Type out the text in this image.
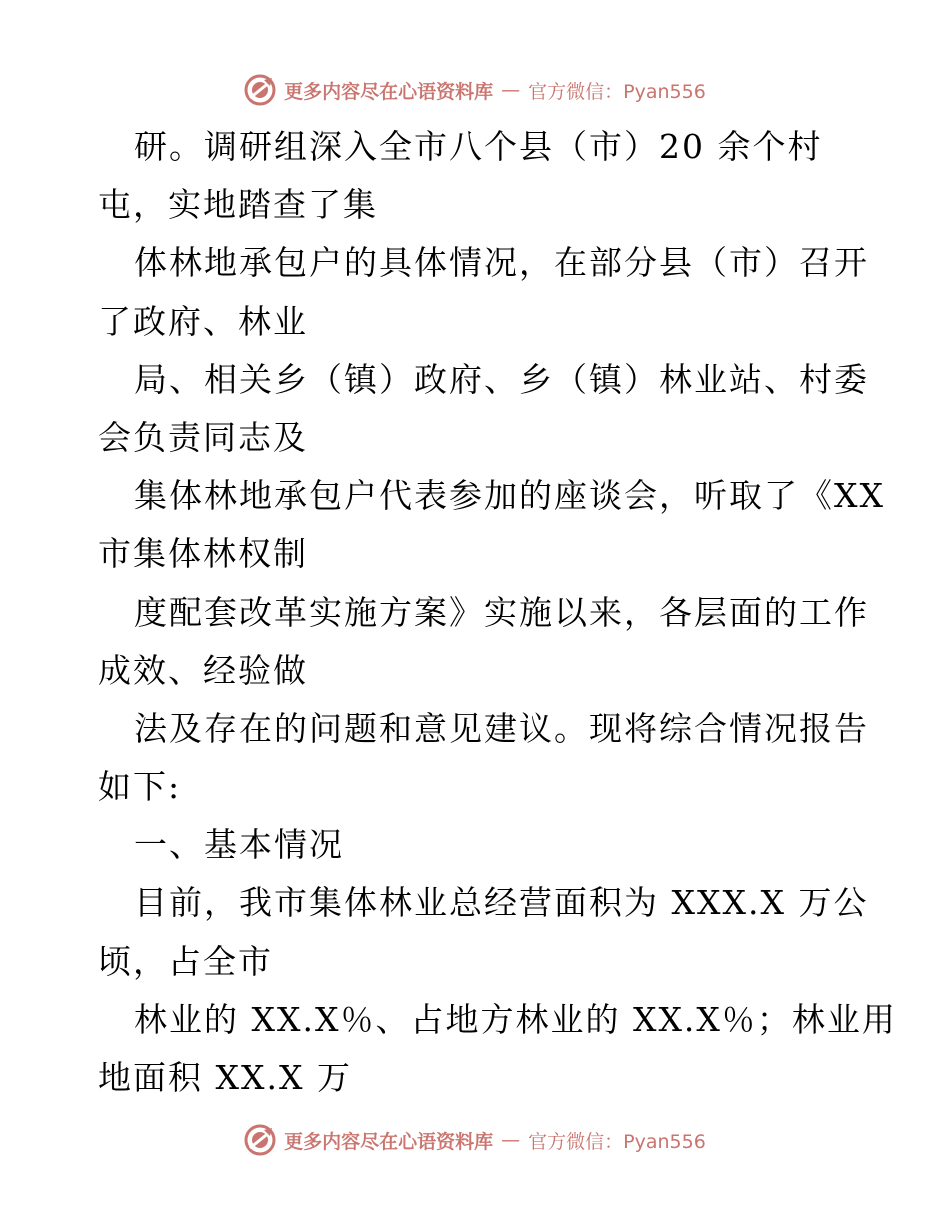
更多内容尽在心语资料库 — 官方微信：Pyan556
研。调研组深入全市八个县（市）20 余个村
屯，实地踏查了集
体林地承包户的具体情况，在部分县（市）召开
了政府、林业
局、相关乡（镇）政府、乡（镇）林业站、村委
会负责同志及
集体林地承包户代表参加的座谈会，听取了《XX
市集体林权制
度配套改革实施方案》实施以来，各层面的工作
成效、经验做
法及存在的问题和意见建议。现将综合情况报告
如下:
一、基本情况
目前，我市集体林业总经营面积为 XXX.X 万公
顷，占全市
林业的 XX.X％、占地方林业的 XX.X％；林业用
地面积 XX.X 万
更多内容尽在心语资料库 — 官方微信：Pyan556
